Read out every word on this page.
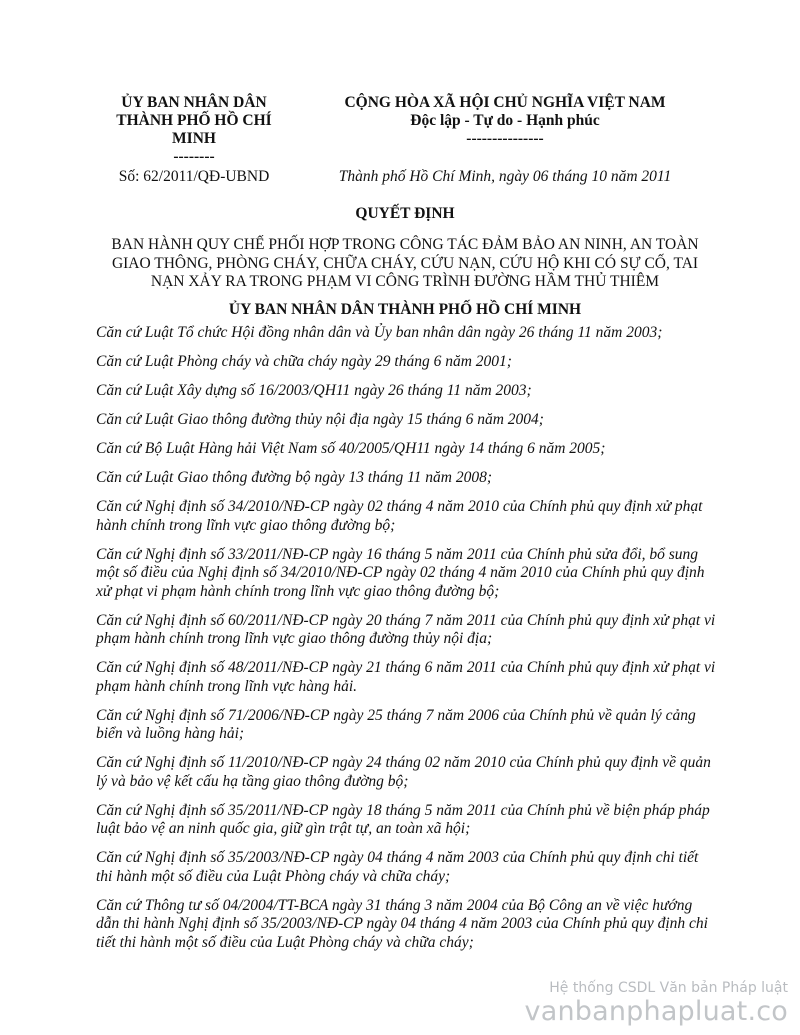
ỦY BAN NHÂN DÂN
THÀNH PHỐ HỒ CHÍ
MINH
--------
Số: 62/2011/QĐ-UBND
CỘNG HÒA XÃ HỘI CHỦ NGHĨA VIỆT NAM
Độc lập - Tự do - Hạnh phúc
---------------
Thành phố Hồ Chí Minh, ngày 06 tháng 10 năm 2011
QUYẾT ĐỊNH
BAN HÀNH QUY CHẾ PHỐI HỢP TRONG CÔNG TÁC ĐẢM BẢO AN NINH, AN TOÀN GIAO THÔNG, PHÒNG CHÁY, CHỮA CHÁY, CỨU NẠN, CỨU HỘ KHI CÓ SỰ CỐ, TAI NẠN XẢY RA TRONG PHẠM VI CÔNG TRÌNH ĐƯỜNG HẦM THỦ THIÊM
ỦY BAN NHÂN DÂN THÀNH PHỐ HỒ CHÍ MINH

Căn cứ Luật Tổ chức Hội đồng nhân dân và Ủy ban nhân dân ngày 26 tháng 11 năm 2003;

Căn cứ Luật Phòng cháy và chữa cháy ngày 29 tháng 6 năm 2001;

Căn cứ Luật Xây dựng số 16/2003/QH11 ngày 26 tháng 11 năm 2003;

Căn cứ Luật Giao thông đường thủy nội địa ngày 15 tháng 6 năm 2004;

Căn cứ Bộ Luật Hàng hải Việt Nam số 40/2005/QH11 ngày 14 tháng 6 năm 2005;

Căn cứ Luật Giao thông đường bộ ngày 13 tháng 11 năm 2008;

Căn cứ Nghị định số 34/2010/NĐ-CP ngày 02 tháng 4 năm 2010 của Chính phủ quy định xử phạt hành chính trong lĩnh vực giao thông đường bộ;

Căn cứ Nghị định số 33/2011/NĐ-CP ngày 16 tháng 5 năm 2011 của Chính phủ sửa đổi, bổ sung một số điều của Nghị định số 34/2010/NĐ-CP ngày 02 tháng 4 năm 2010 của Chính phủ quy định xử phạt vi phạm hành chính trong lĩnh vực giao thông đường bộ;

Căn cứ Nghị định số 60/2011/NĐ-CP ngày 20 tháng 7 năm 2011 của Chính phủ quy định xử phạt vi phạm hành chính trong lĩnh vực giao thông đường thủy nội địa;

Căn cứ Nghị định số 48/2011/NĐ-CP ngày 21 tháng 6 năm 2011 của Chính phủ quy định xử phạt vi phạm hành chính trong lĩnh vực hàng hải.

Căn cứ Nghị định số 71/2006/NĐ-CP ngày 25 tháng 7 năm 2006 của Chính phủ về quản lý cảng biển và luồng hàng hải;

Căn cứ Nghị định số 11/2010/NĐ-CP ngày 24 tháng 02 năm 2010 của Chính phủ quy định về quản lý và bảo vệ kết cấu hạ tầng giao thông đường bộ;

Căn cứ Nghị định số 35/2011/NĐ-CP ngày 18 tháng 5 năm 2011 của Chính phủ về biện pháp pháp luật bảo vệ an ninh quốc gia, giữ gìn trật tự, an toàn xã hội;

Căn cứ Nghị định số 35/2003/NĐ-CP ngày 04 tháng 4 năm 2003 của Chính phủ quy định chi tiết thi hành một số điều của Luật Phòng cháy và chữa cháy;

Căn cứ Thông tư số 04/2004/TT-BCA ngày 31 tháng 3 năm 2004 của Bộ Công an về việc hướng dẫn thi hành Nghị định số 35/2003/NĐ-CP ngày 04 tháng 4 năm 2003 của Chính phủ quy định chi tiết thi hành một số điều của Luật Phòng cháy và chữa cháy;

Hệ thống CSDL Văn bản Pháp luật
vanbanphapluat.co
